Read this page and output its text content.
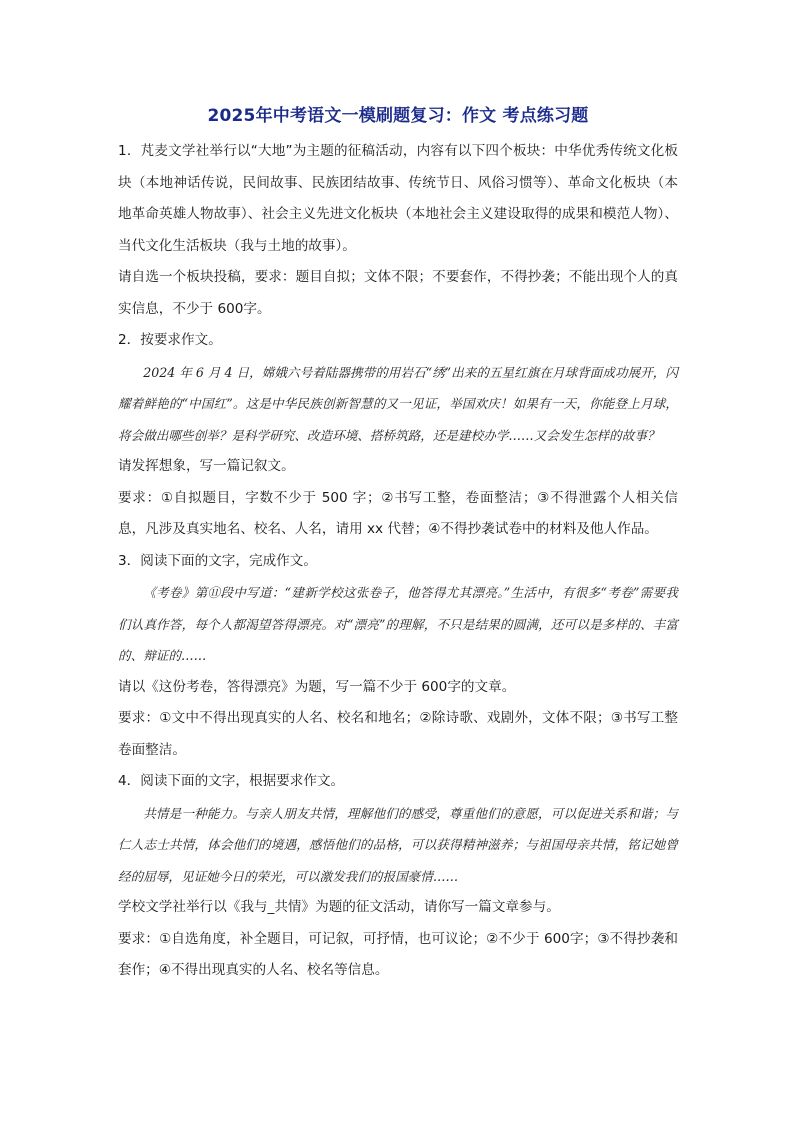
2025年中考语文一模刷题复习：作文 考点练习题

1．芃麦文学社举行以“大地”为主题的征稿活动，内容有以下四个板块：中华优秀传统文化板块（本地神话传说，民间故事、民族团结故事、传统节日、风俗习惯等）、革命文化板块（本地革命英雄人物故事）、社会主义先进文化板块（本地社会主义建设取得的成果和模范人物）、当代文化生活板块（我与土地的故事）。

请自选一个板块投稿，要求：题目自拟；文体不限；不要套作，不得抄袭；不能出现个人的真实信息，不少于 600字。

2．按要求作文。

2024 年 6 月 4 日，嫦娥六号着陆器携带的用岩石“绣”出来的五星红旗在月球背面成功展开，闪耀着鲜艳的“中国红”。这是中华民族创新智慧的又一见证，举国欢庆！如果有一天，你能登上月球，将会做出哪些创举？是科学研究、改造环境、搭桥筑路，还是建校办学……又会发生怎样的故事？

请发挥想象，写一篇记叙文。

要求：①自拟题目，字数不少于 500 字；②书写工整，卷面整洁；③不得泄露个人相关信息，凡涉及真实地名、校名、人名，请用 xx 代替；④不得抄袭试卷中的材料及他人作品。

3．阅读下面的文字，完成作文。

《考卷》第⑪段中写道：“建新学校这张卷子，他答得尤其漂亮。”生活中，有很多“考卷”需要我们认真作答，每个人都渴望答得漂亮。对“漂亮”的理解，不只是结果的圆满，还可以是多样的、丰富的、辩证的……

请以《这份考卷，答得漂亮》为题，写一篇不少于 600字的文章。

要求：①文中不得出现真实的人名、校名和地名；②除诗歌、戏剧外，文体不限；③书写工整卷面整洁。

4．阅读下面的文字，根据要求作文。

共情是一种能力。与亲人朋友共情，理解他们的感受，尊重他们的意愿，可以促进关系和谐；与仁人志士共情，体会他们的境遇，感悟他们的品格，可以获得精神滋养；与祖国母亲共情，铭记她曾经的屈辱，见证她今日的荣光，可以激发我们的报国豪情……

学校文学社举行以《我与_共情》为题的征文活动，请你写一篇文章参与。

要求：①自选角度，补全题目，可记叙，可抒情，也可议论；②不少于 600字；③不得抄袭和套作；④不得出现真实的人名、校名等信息。
